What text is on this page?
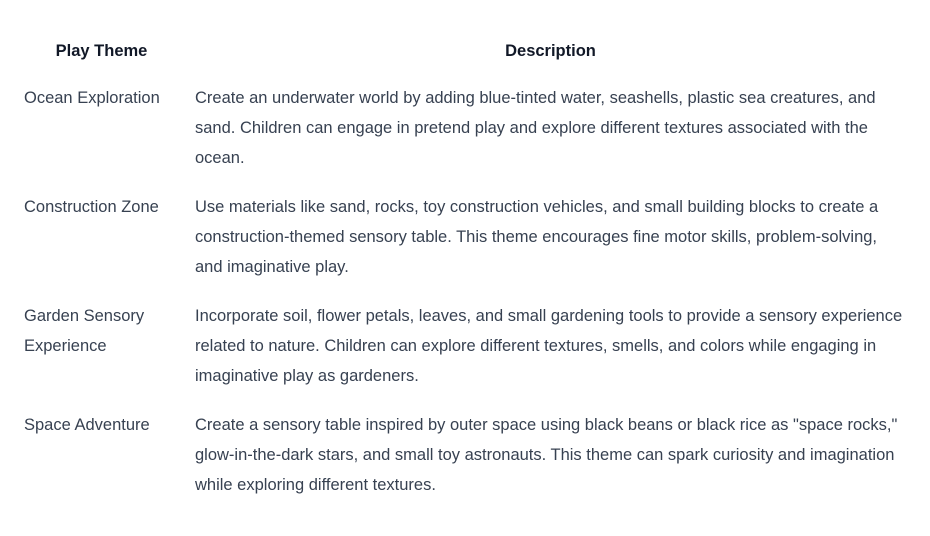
Play Theme	Description
Ocean Exploration	Create an underwater world by adding blue-tinted water, seashells, plastic sea creatures, and sand. Children can engage in pretend play and explore different textures associated with the ocean.
Construction Zone	Use materials like sand, rocks, toy construction vehicles, and small building blocks to create a construction-themed sensory table. This theme encourages fine motor skills, problem-solving, and imaginative play.
Garden Sensory Experience	Incorporate soil, flower petals, leaves, and small gardening tools to provide a sensory experience related to nature. Children can explore different textures, smells, and colors while engaging in imaginative play as gardeners.
Space Adventure	Create a sensory table inspired by outer space using black beans or black rice as "space rocks," glow-in-the-dark stars, and small toy astronauts. This theme can spark curiosity and imagination while exploring different textures.
